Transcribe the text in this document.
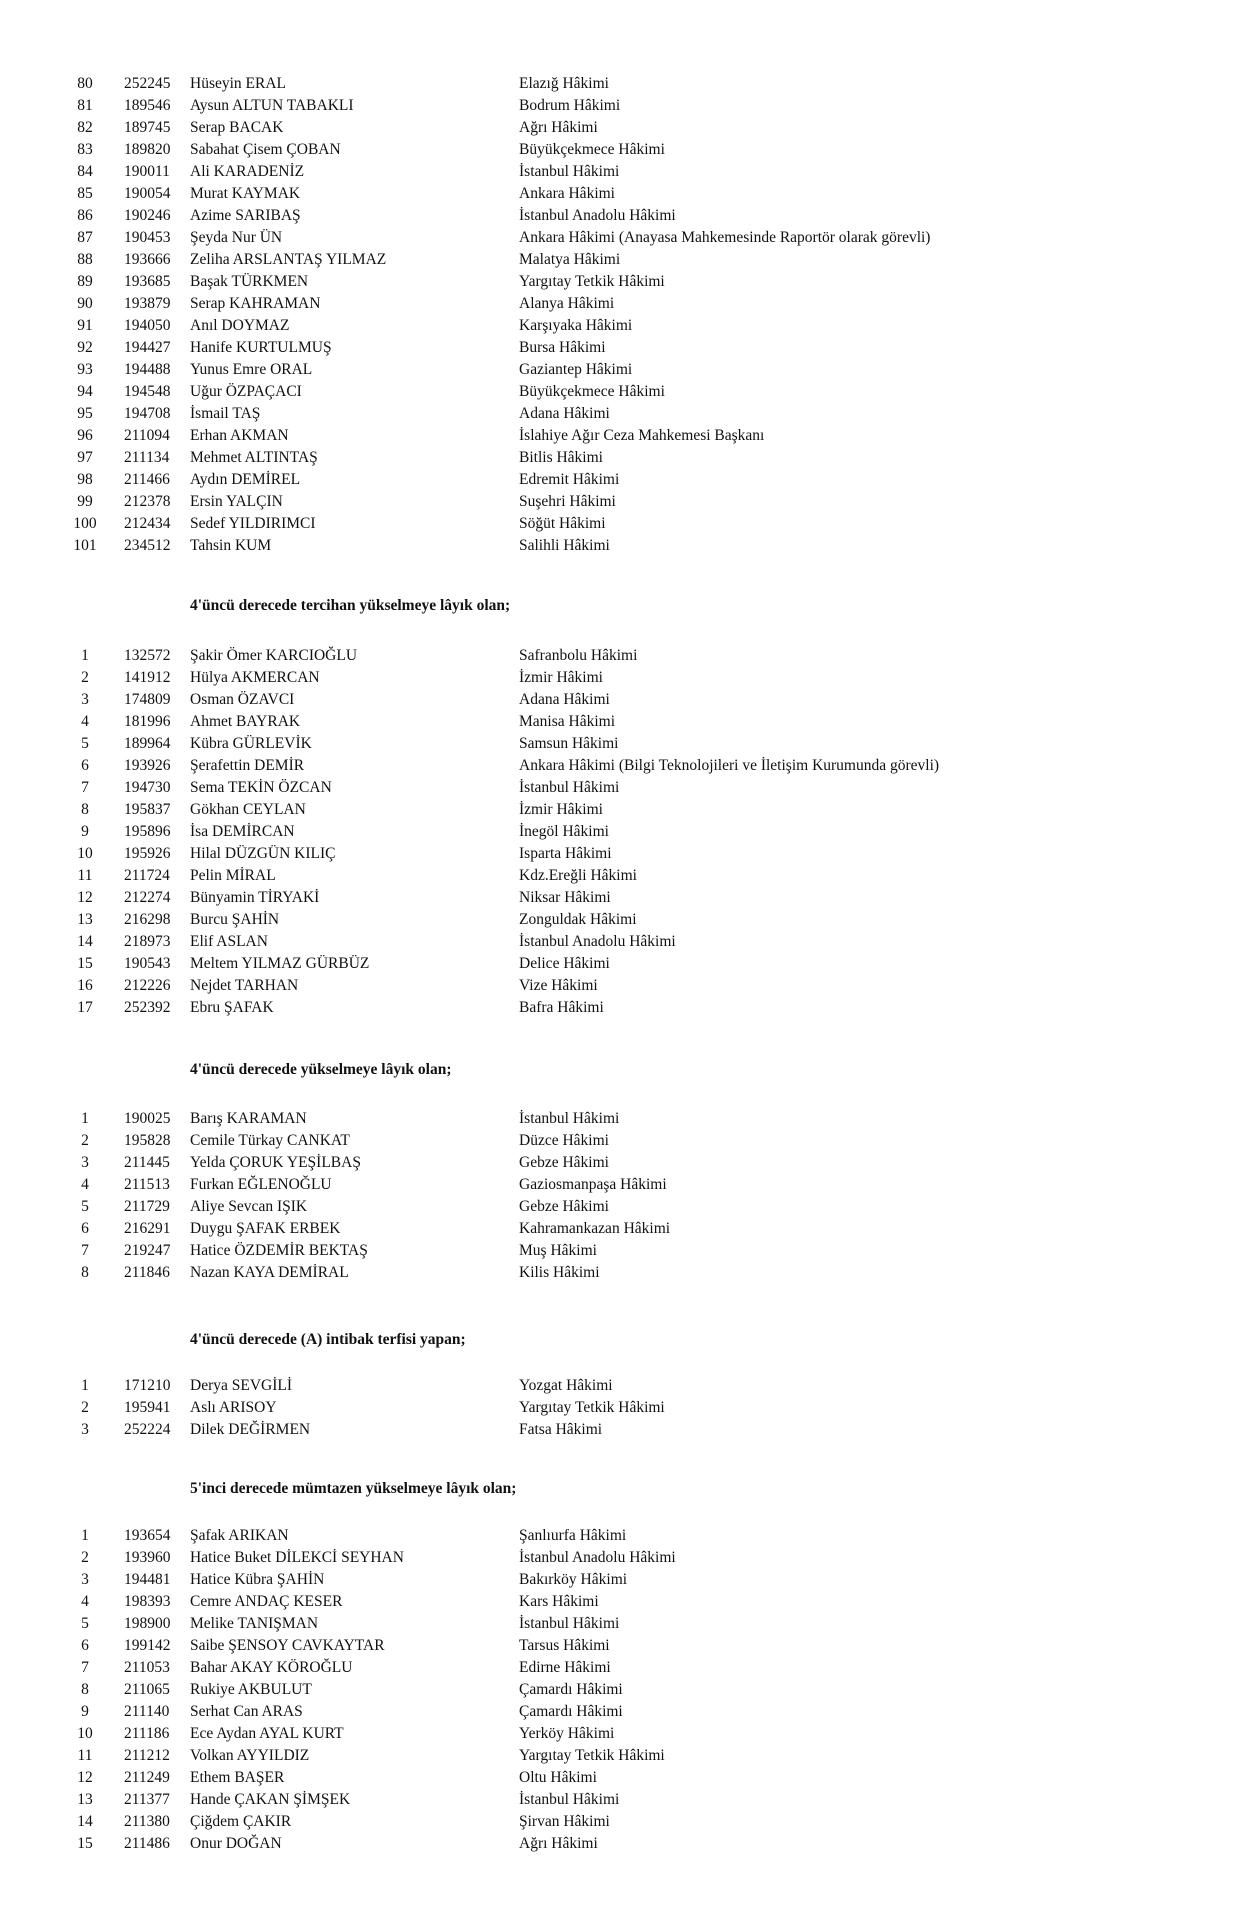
80	252245 Hüseyin ERAL	Elazığ Hâkimi
81	189546 Aysun ALTUN TABAKLI	Bodrum Hâkimi
82	189745 Serap BACAK	Ağrı Hâkimi
83	189820 Sabahat Çisem ÇOBAN	Büyükçekmece Hâkimi
84	190011 Ali KARADENİZ	İstanbul Hâkimi
85	190054 Murat KAYMAK	Ankara Hâkimi
86	190246 Azime SARIBAŞ	İstanbul Anadolu Hâkimi
87	190453 Şeyda Nur ÜN	Ankara Hâkimi (Anayasa Mahkemesinde Raportör olarak görevli)
88	193666 Zeliha ARSLANTAŞ YILMAZ	Malatya Hâkimi
89	193685 Başak TÜRKMEN	Yargıtay Tetkik Hâkimi
90	193879 Serap KAHRAMAN	Alanya Hâkimi
91	194050 Anıl DOYMAZ	Karşıyaka Hâkimi
92	194427 Hanife KURTULMUŞ	Bursa Hâkimi
93	194488 Yunus Emre ORAL	Gaziantep Hâkimi
94	194548 Uğur ÖZPAÇACI	Büyükçekmece Hâkimi
95	194708 İsmail TAŞ	Adana Hâkimi
96	211094 Erhan AKMAN	İslahiye Ağır Ceza Mahkemesi Başkanı
97	211134 Mehmet ALTINTAŞ	Bitlis Hâkimi
98	211466 Aydın DEMİREL	Edremit Hâkimi
99	212378 Ersin YALÇIN	Suşehri Hâkimi
100	212434 Sedef YILDIRIMCI	Söğüt Hâkimi
101	234512 Tahsin KUM	Salihli Hâkimi
4'üncü derecede tercihan yükselmeye lâyık olan;
1	132572 Şakir Ömer KARCIOĞLU	Safranbolu Hâkimi
2	141912 Hülya AKMERCAN	İzmir Hâkimi
3	174809 Osman ÖZAVCI	Adana Hâkimi
4	181996 Ahmet BAYRAK	Manisa Hâkimi
5	189964 Kübra GÜRLEVİK	Samsun Hâkimi
6	193926 Şerafettin DEMİR	Ankara Hâkimi (Bilgi Teknolojileri ve İletişim Kurumunda görevli)
7	194730 Sema TEKİN ÖZCAN	İstanbul Hâkimi
8	195837 Gökhan CEYLAN	İzmir Hâkimi
9	195896 İsa DEMİRCAN	İnegöl Hâkimi
10	195926 Hilal DÜZGÜN KILIÇ	Isparta Hâkimi
11	211724 Pelin MİRAL	Kdz.Ereğli Hâkimi
12	212274 Bünyamin TİRYAKİ	Niksar Hâkimi
13	216298 Burcu ŞAHİN	Zonguldak Hâkimi
14	218973 Elif ASLAN	İstanbul Anadolu Hâkimi
15	190543 Meltem YILMAZ GÜRBÜZ	Delice Hâkimi
16	212226 Nejdet TARHAN	Vize Hâkimi
17	252392 Ebru ŞAFAK	Bafra Hâkimi
4'üncü derecede yükselmeye lâyık olan;
1	190025 Barış KARAMAN	İstanbul Hâkimi
2	195828 Cemile Türkay CANKAT	Düzce Hâkimi
3	211445 Yelda ÇORUK YEŞİLBAŞ	Gebze Hâkimi
4	211513 Furkan EĞLENOĞLU	Gaziosmanpaşa Hâkimi
5	211729 Aliye Sevcan IŞIK	Gebze Hâkimi
6	216291 Duygu ŞAFAK ERBEK	Kahramankazan Hâkimi
7	219247 Hatice ÖZDEMİR BEKTAŞ	Muş Hâkimi
8	211846 Nazan KAYA DEMİRAL	Kilis Hâkimi
4'üncü derecede (A) intibak terfisi yapan;
1	171210 Derya SEVGİLİ	Yozgat Hâkimi
2	195941 Aslı ARISOY	Yargıtay Tetkik Hâkimi
3	252224 Dilek DEĞİRMEN	Fatsa Hâkimi
5'inci derecede mümtazen yükselmeye lâyık olan;
1	193654 Şafak ARIKAN	Şanlıurfa Hâkimi
2	193960 Hatice Buket DİLEKCİ SEYHAN	İstanbul Anadolu Hâkimi
3	194481 Hatice Kübra ŞAHİN	Bakırköy Hâkimi
4	198393 Cemre ANDAÇ KESER	Kars Hâkimi
5	198900 Melike TANIŞMAN	İstanbul Hâkimi
6	199142 Saibe ŞENSOY CAVKAYTAR	Tarsus Hâkimi
7	211053 Bahar AKAY KÖROĞLU	Edirne Hâkimi
8	211065 Rukiye AKBULUT	Çamardı Hâkimi
9	211140 Serhat Can ARAS	Çamardı Hâkimi
10	211186 Ece Aydan AYAL KURT	Yerköy Hâkimi
11	211212 Volkan AYYILDIZ	Yargıtay Tetkik Hâkimi
12	211249 Ethem BAŞER	Oltu Hâkimi
13	211377 Hande ÇAKAN ŞİMŞEK	İstanbul Hâkimi
14	211380 Çiğdem ÇAKIR	Şirvan Hâkimi
15	211486 Onur DOĞAN	Ağrı Hâkimi
